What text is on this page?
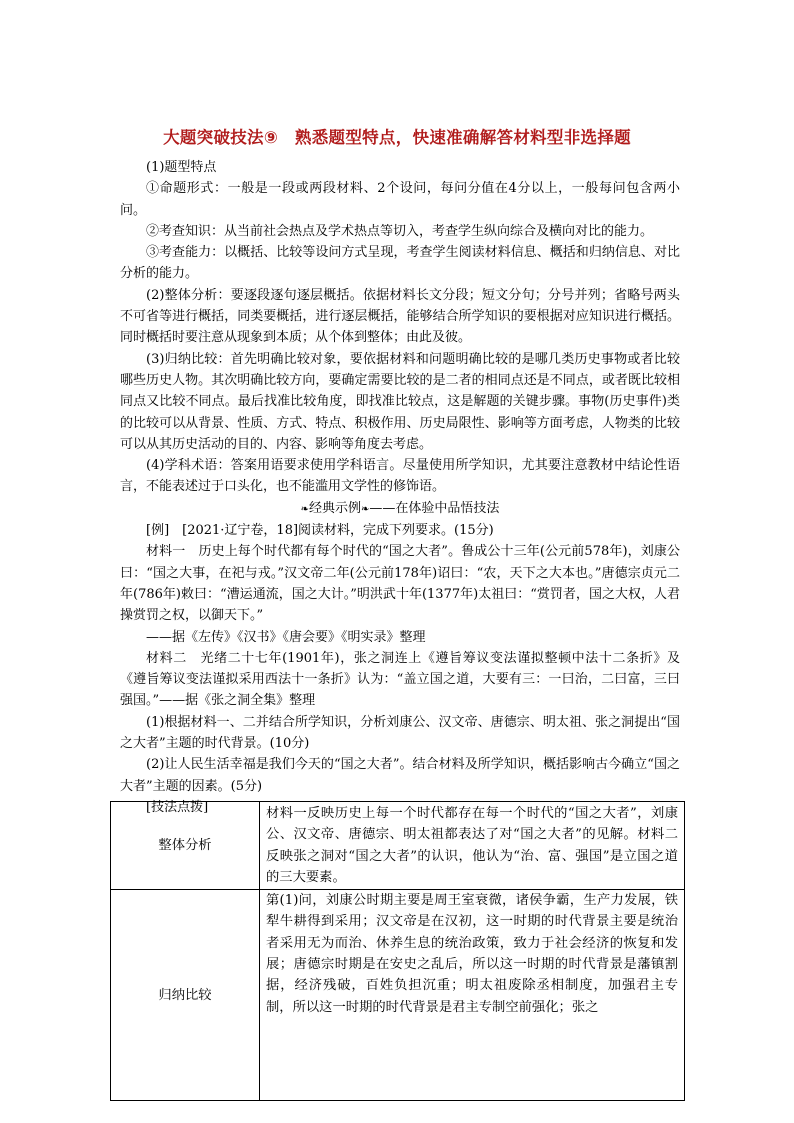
大题突破技法⑨　熟悉题型特点，快速准确解答材料型非选择题

(1)题型特点

①命题形式：一般是一段或两段材料、2个设问，每问分值在4分以上，一般每问包含两小问。

②考查知识：从当前社会热点及学术热点等切入，考查学生纵向综合及横向对比的能力。

③考查能力：以概括、比较等设问方式呈现，考查学生阅读材料信息、概括和归纳信息、对比分析的能力。

(2)整体分析：要逐段逐句逐层概括。依据材料长文分段；短文分句；分号并列；省略号两头不可省等进行概括，同类要概括，进行逐层概括，能够结合所学知识的要根据对应知识进行概括。同时概括时要注意从现象到本质；从个体到整体；由此及彼。

(3)归纳比较：首先明确比较对象，要依据材料和问题明确比较的是哪几类历史事物或者比较哪些历史人物。其次明确比较方向，要确定需要比较的是二者的相同点还是不同点，或者既比较相同点又比较不同点。最后找准比较角度，即找准比较点，这是解题的关键步骤。事物(历史事件)类的比较可以从背景、性质、方式、特点、积极作用、历史局限性、影响等方面考虑，人物类的比较可以从其历史活动的目的、内容、影响等角度去考虑。

(4)学科术语：答案用语要求使用学科语言。尽量使用所学知识，尤其要注意教材中结论性语言，不能表述过于口头化，也不能滥用文学性的修饰语。

❧经典示例❧——在体验中品悟技法

[例]　[2021·辽宁卷，18]阅读材料，完成下列要求。(15分)

材料一　历史上每个时代都有每个时代的“国之大者”。鲁成公十三年(公元前578年)，刘康公曰：“国之大事，在祀与戎。”汉文帝二年(公元前178年)诏曰：“农，天下之大本也。”唐德宗贞元二年(786年)敕曰：“漕运通流，国之大计。”明洪武十年(1377年)太祖曰：“赏罚者，国之大权，人君操赏罚之权，以御天下。”

——据《左传》《汉书》《唐会要》《明实录》整理

材料二　光绪二十七年(1901年)，张之洞连上《遵旨筹议变法谨拟整顿中法十二条折》及《遵旨筹议变法谨拟采用西法十一条折》认为：“盖立国之道，大要有三：一曰治，二曰富，三曰强国。”——据《张之洞全集》整理

(1)根据材料一、二并结合所学知识，分析刘康公、汉文帝、唐德宗、明太祖、张之洞提出“国之大者”主题的时代背景。(10分)

(2)让人民生活幸福是我们今天的“国之大者”。结合材料及所学知识，概括影响古今确立“国之大者”主题的因素。(5分)

[技法点拨]

整体分析	材料一反映历史上每一个时代都存在每一个时代的“国之大者”，刘康公、汉文帝、唐德宗、明太祖都表达了对“国之大者”的见解。材料二反映张之洞对“国之大者”的认识，他认为“治、富、强国”是立国之道的三大要素。
归纳比较	第(1)问，刘康公时期主要是周王室衰微，诸侯争霸，生产力发展，铁犁牛耕得到采用；汉文帝是在汉初，这一时期的时代背景主要是统治者采用无为而治、休养生息的统治政策，致力于社会经济的恢复和发展；唐德宗时期是在安史之乱后，所以这一时期的时代背景是藩镇割据，经济残破，百姓负担沉重；明太祖废除丞相制度，加强君主专制，所以这一时期的时代背景是君主专制空前强化；张之
